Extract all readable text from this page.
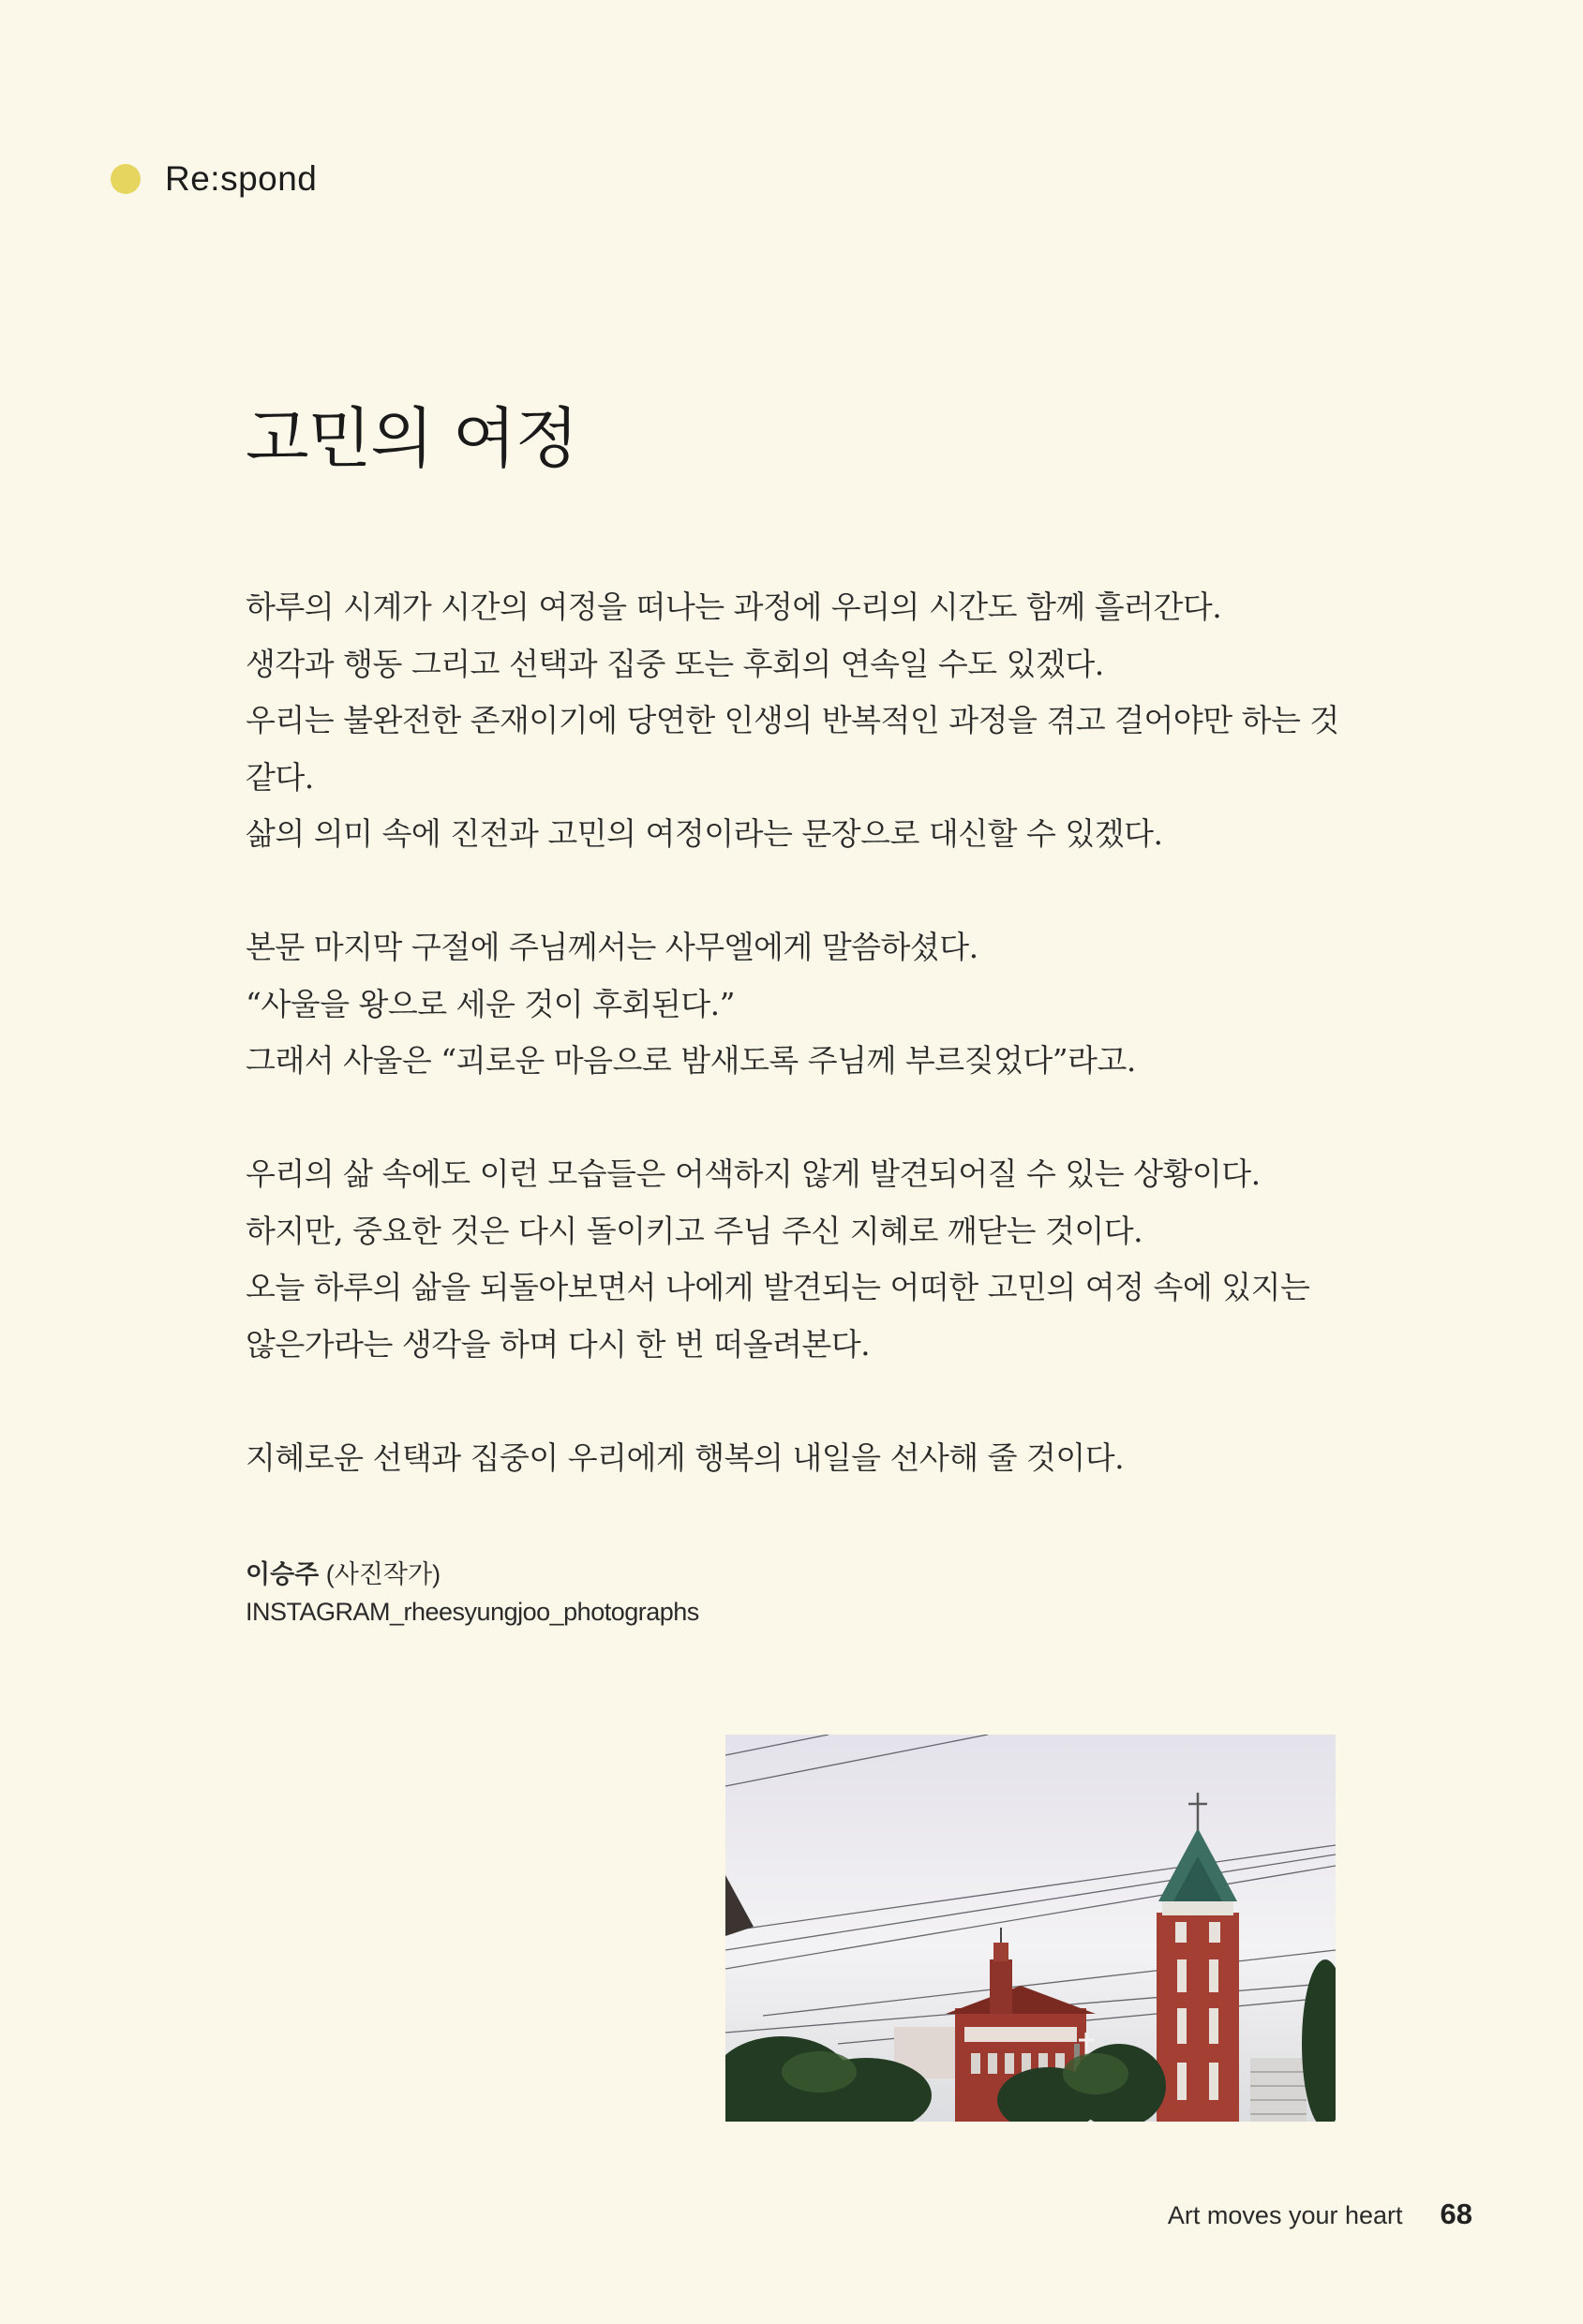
Re:spond
고민의 여정

하루의 시계가 시간의 여정을 떠나는 과정에 우리의 시간도 함께 흘러간다.
생각과 행동 그리고 선택과 집중 또는 후회의 연속일 수도 있겠다.
우리는 불완전한 존재이기에 당연한 인생의 반복적인 과정을 겪고 걸어야만 하는 것
같다.
삶의 의미 속에 진전과 고민의 여정이라는 문장으로 대신할 수 있겠다.

본문 마지막 구절에 주님께서는 사무엘에게 말씀하셨다.
“사울을 왕으로 세운 것이 후회된다.”
그래서 사울은 “괴로운 마음으로 밤새도록 주님께 부르짖었다”라고.

우리의 삶 속에도 이런 모습들은 어색하지 않게 발견되어질 수 있는 상황이다.
하지만, 중요한 것은 다시 돌이키고 주님 주신 지혜로 깨닫는 것이다.
오늘 하루의 삶을 되돌아보면서 나에게 발견되는 어떠한 고민의 여정 속에 있지는
않은가라는 생각을 하며 다시 한 번 떠올려본다.

지혜로운 선택과 집중이 우리에게 행복의 내일을 선사해 줄 것이다.

이승주 (사진작가)
INSTAGRAM_rheesyungjoo_photographs
Art moves your heart 68
